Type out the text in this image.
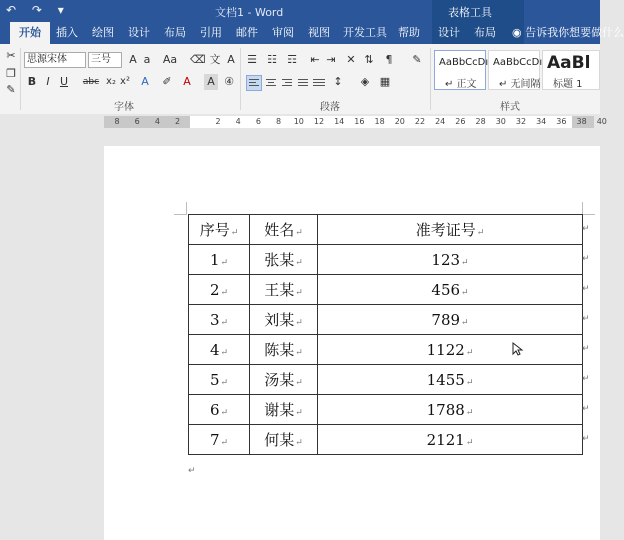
↶ ↷ ▾	文档1 - Word	表格工具
开始	插入	绘图	设计	布局	引用	邮件	审阅	视图	开发工具	帮助	设计	布局	◉ 告诉我你想要做什么
✂
❐
✎
思源宋体	三号	A a	Aa ⌫ 文 A
B I U	abc x₂ x² A ✐ A A ④
字体
☰ ☷ ☶ ⇤ ⇥ ✕ ⇅	¶
↕	◈ ▦
✎
段落
AaBbCcDı
↵ 正文
AaBbCcDı
↵ 无间隔
AaBl
标题 1
样式
8	6	4	2	2	4	6	8	10 12 14 16 18 20 22 24 26 28 30 32 34 36 38 40
序号↵	姓名↵	准考证号↵
1↵	张某↵	123↵
2↵	王某↵	456↵
3↵	刘某↵	789↵
4↵	陈某↵	1122↵
5↵	汤某↵	1455↵
6↵	谢某↵	1788↵
7↵	何某↵	2121↵
↵
↵
↵
↵
↵
↵
↵
↵
↵
